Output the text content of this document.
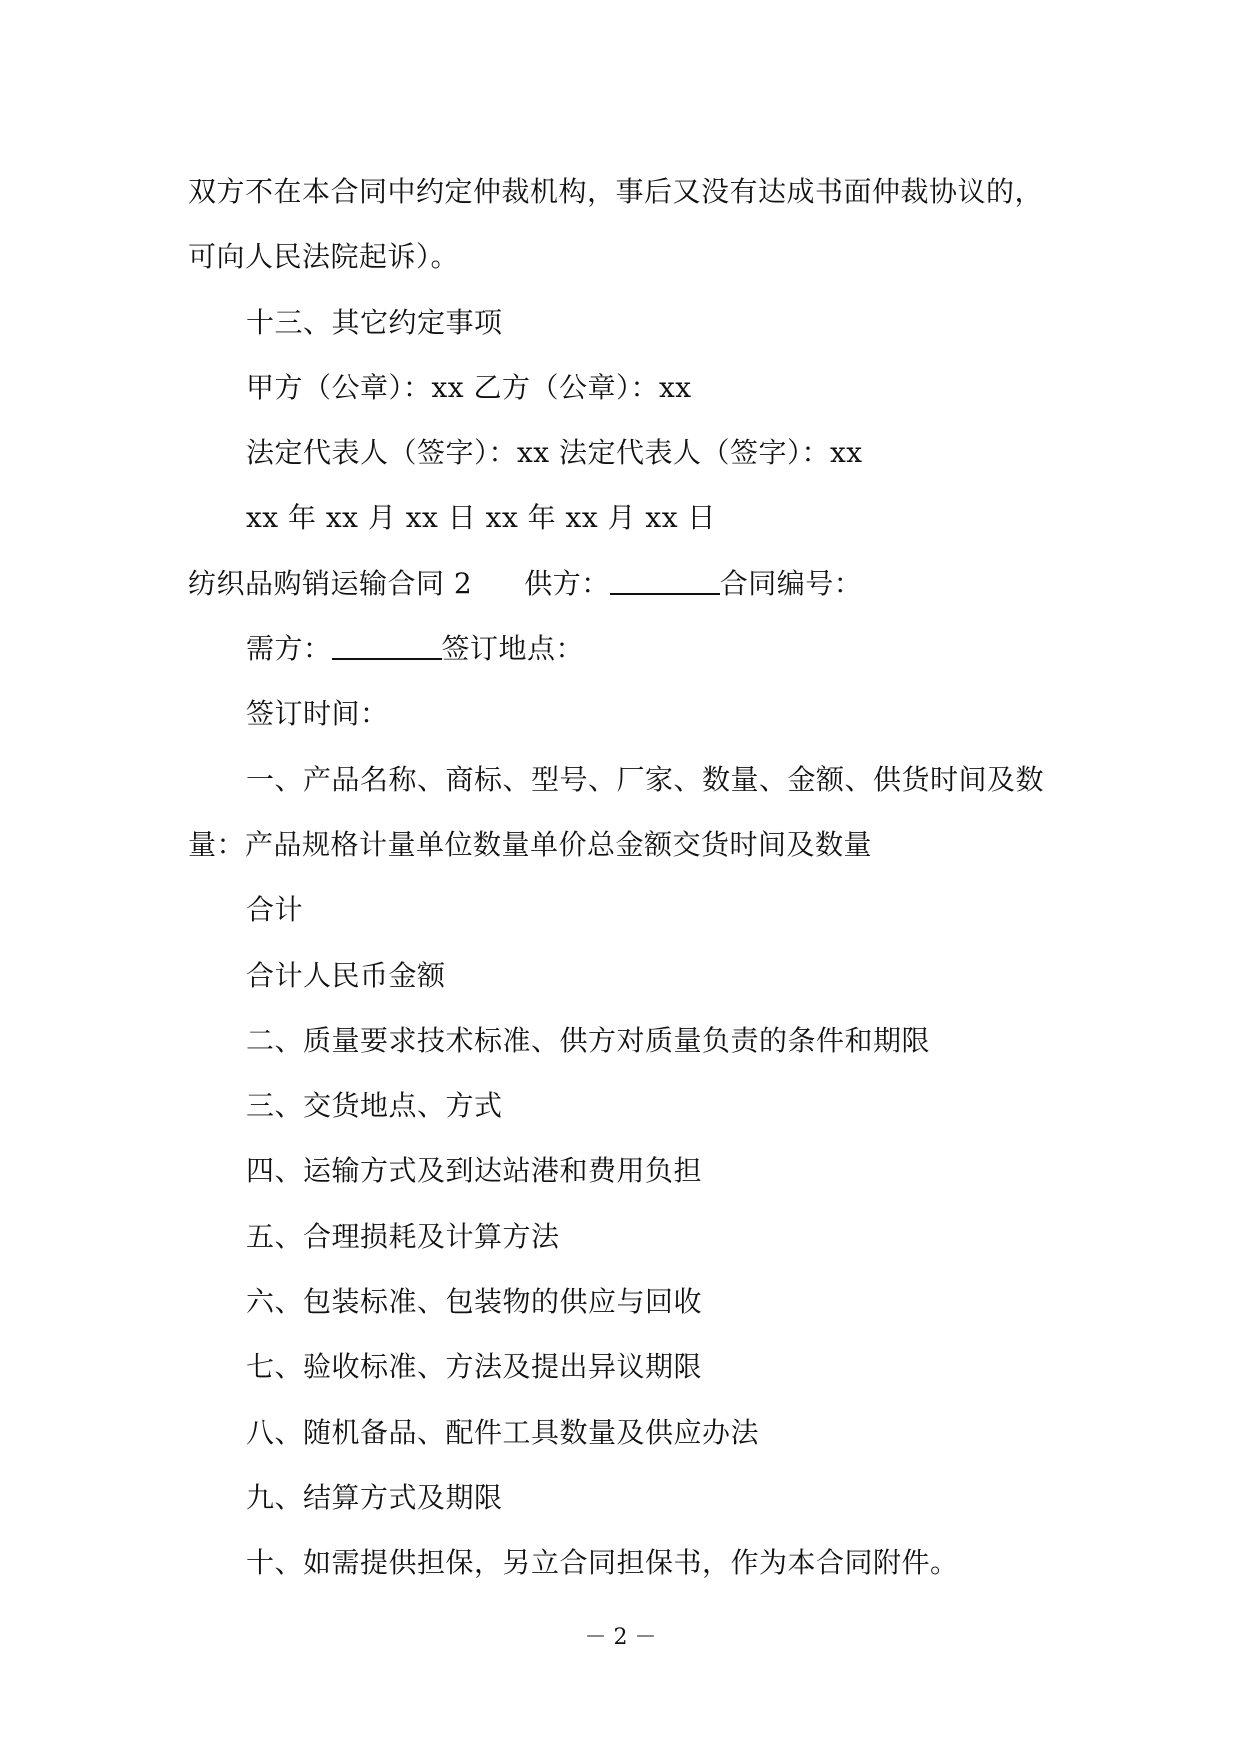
双方不在本合同中约定仲裁机构，事后又没有达成书面仲裁协议的，
可向人民法院起诉）。
十三、其它约定事项
甲方（公章）：xx 乙方（公章）：xx
法定代表人（签字）：xx 法定代表人（签字）：xx
xx 年 xx 月 xx 日 xx 年 xx 月 xx 日
纺织品购销运输合同 2 供方：	合同编号：
需方：	签订地点：
签订时间：
一、产品名称、商标、型号、厂家、数量、金额、供货时间及数
量：产品规格计量单位数量单价总金额交货时间及数量
合计
合计人民币金额
二、质量要求技术标准、供方对质量负责的条件和期限
三、交货地点、方式
四、运输方式及到达站港和费用负担
五、合理损耗及计算方法
六、包装标准、包装物的供应与回收
七、验收标准、方法及提出异议期限
八、随机备品、配件工具数量及供应办法
九、结算方式及期限
十、如需提供担保，另立合同担保书，作为本合同附件。
－ 2 －
